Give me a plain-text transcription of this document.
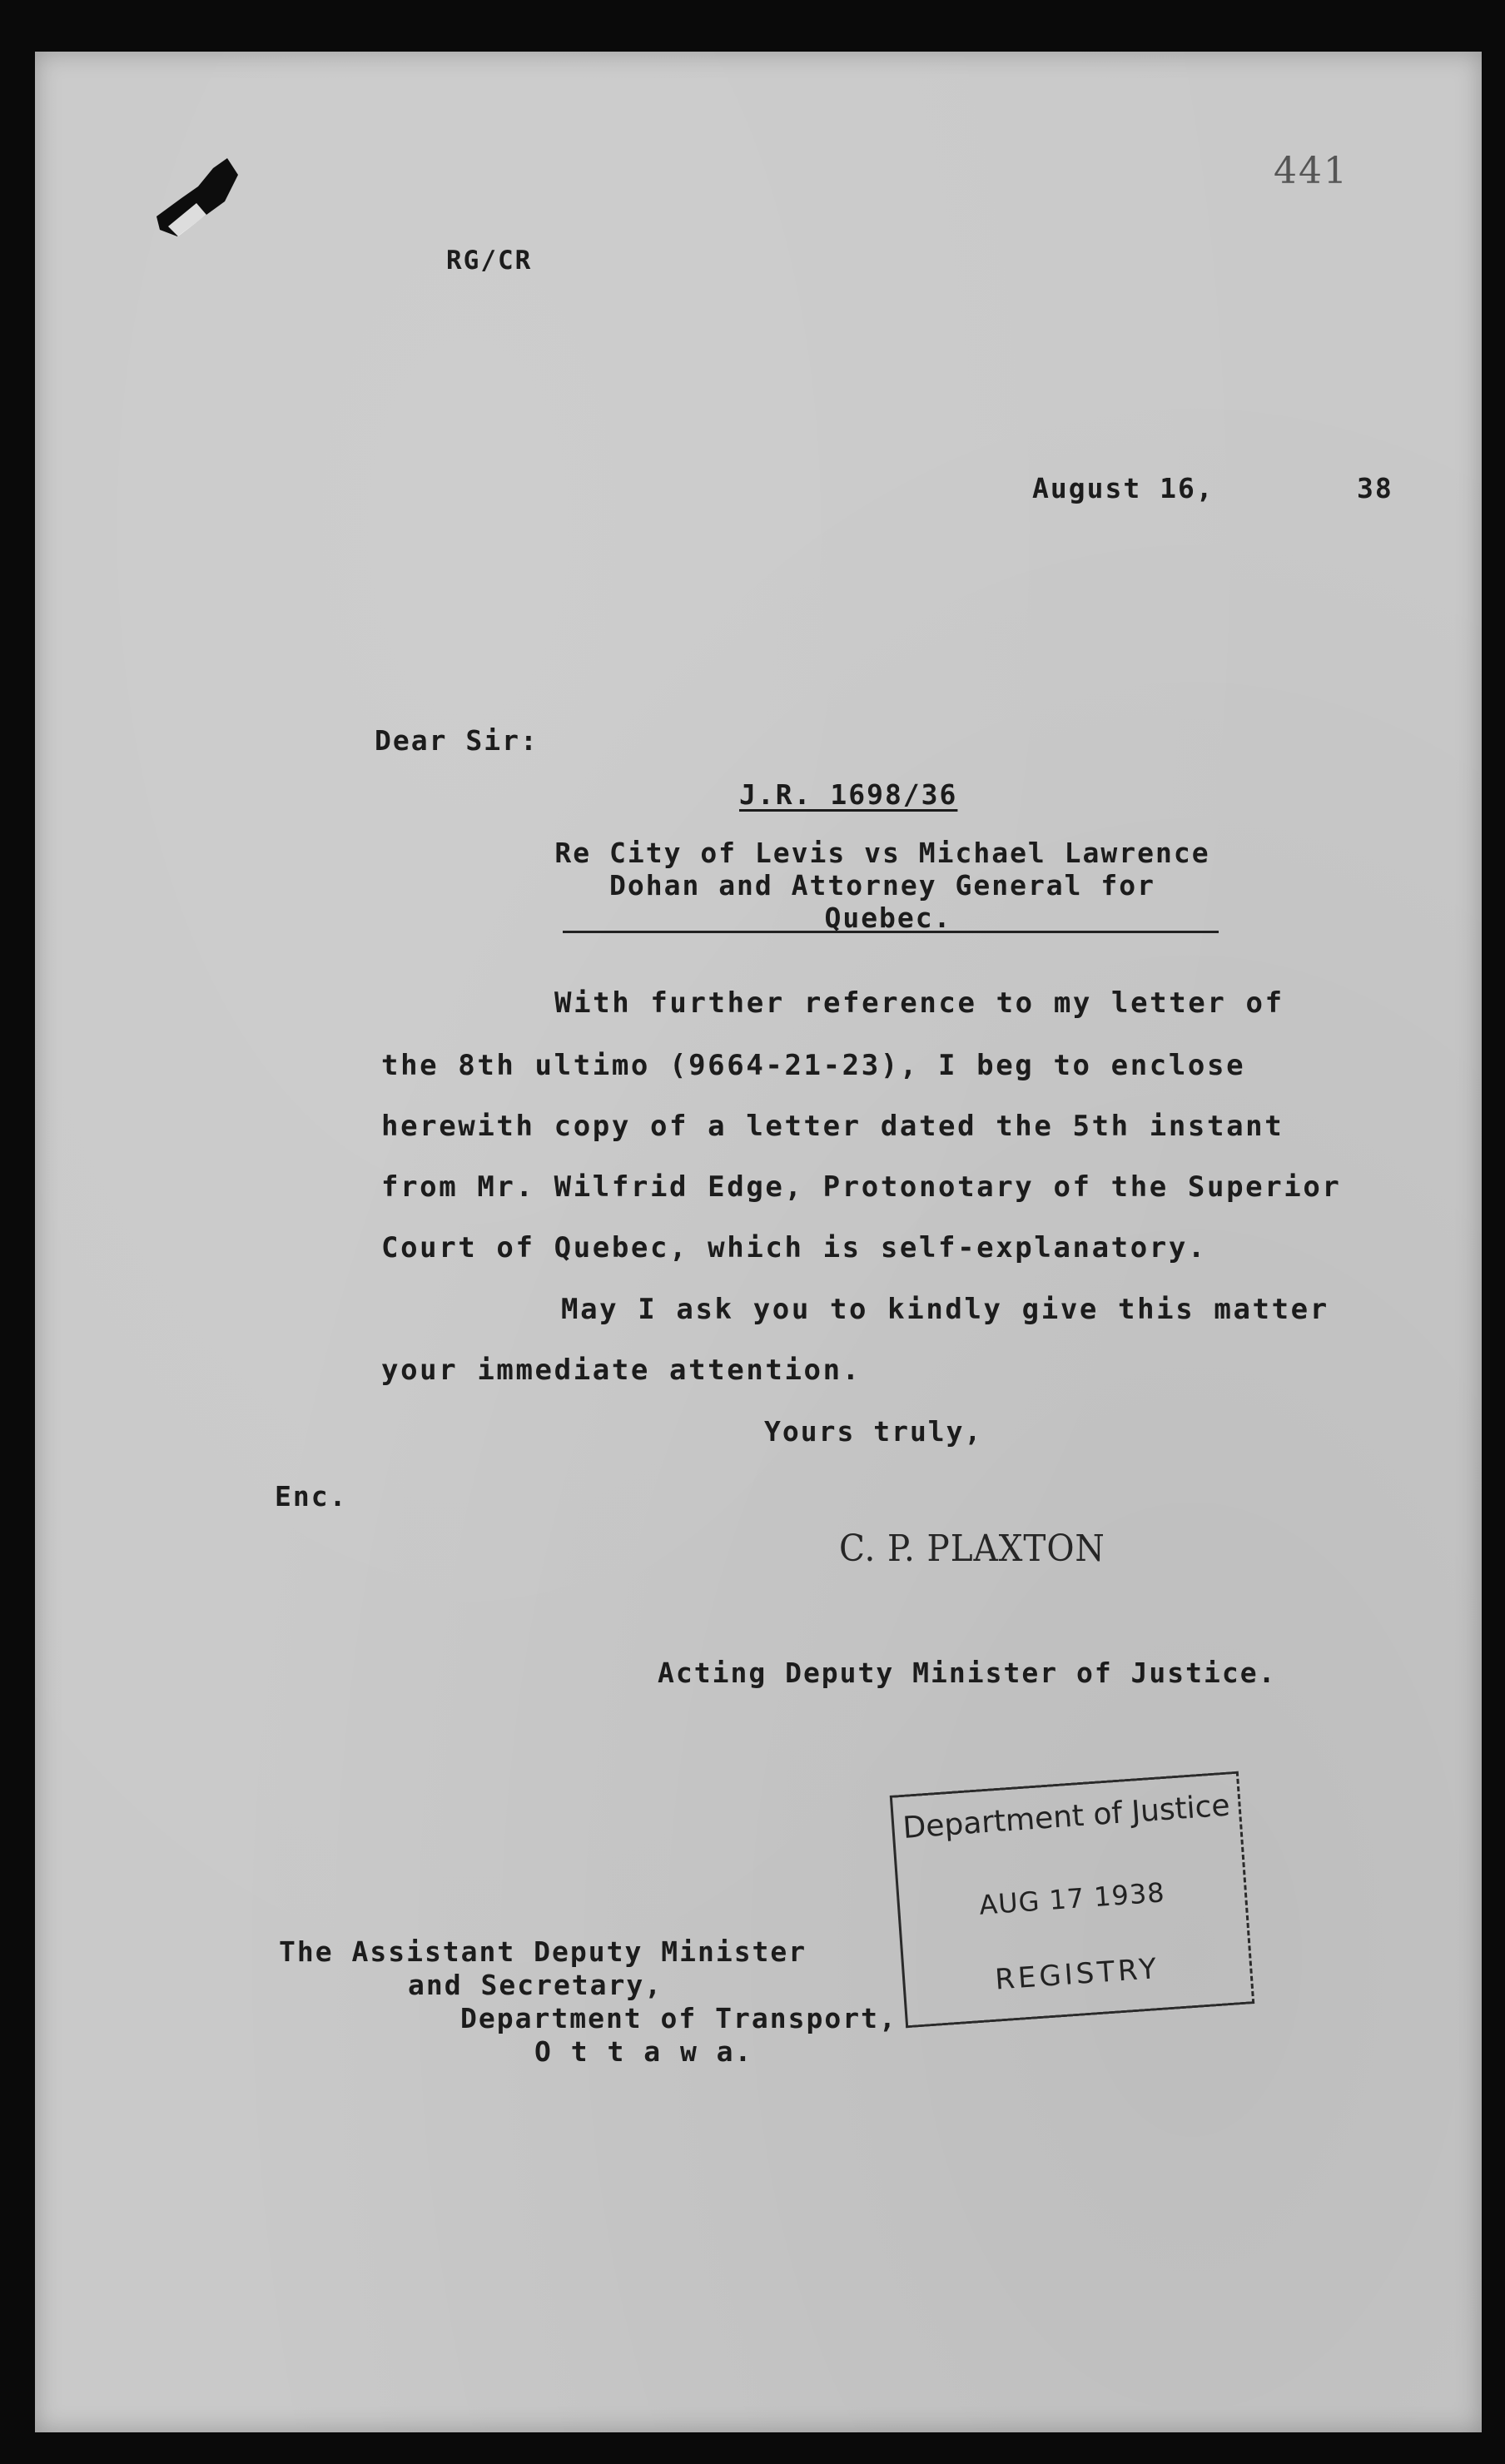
441
RG/CR
August 16,	38
Dear Sir:
J.R. 1698/36
Re City of Levis vs Michael Lawrence
Dohan and Attorney General for
Quebec.
With further reference to my letter of
the 8th ultimo (9664-21-23), I beg to enclose
herewith copy of a letter dated the 5th instant
from Mr. Wilfrid Edge, Protonotary of the Superior
Court of Quebec, which is self-explanatory.
May I ask you to kindly give this matter
your immediate attention.
Yours truly,
Enc.
C. P. PLAXTON
Acting Deputy Minister of Justice.
The Assistant Deputy Minister
and Secretary,
Department of Transport,
O t t a w a.
Department of Justice
AUG 17 1938
REGISTRY
